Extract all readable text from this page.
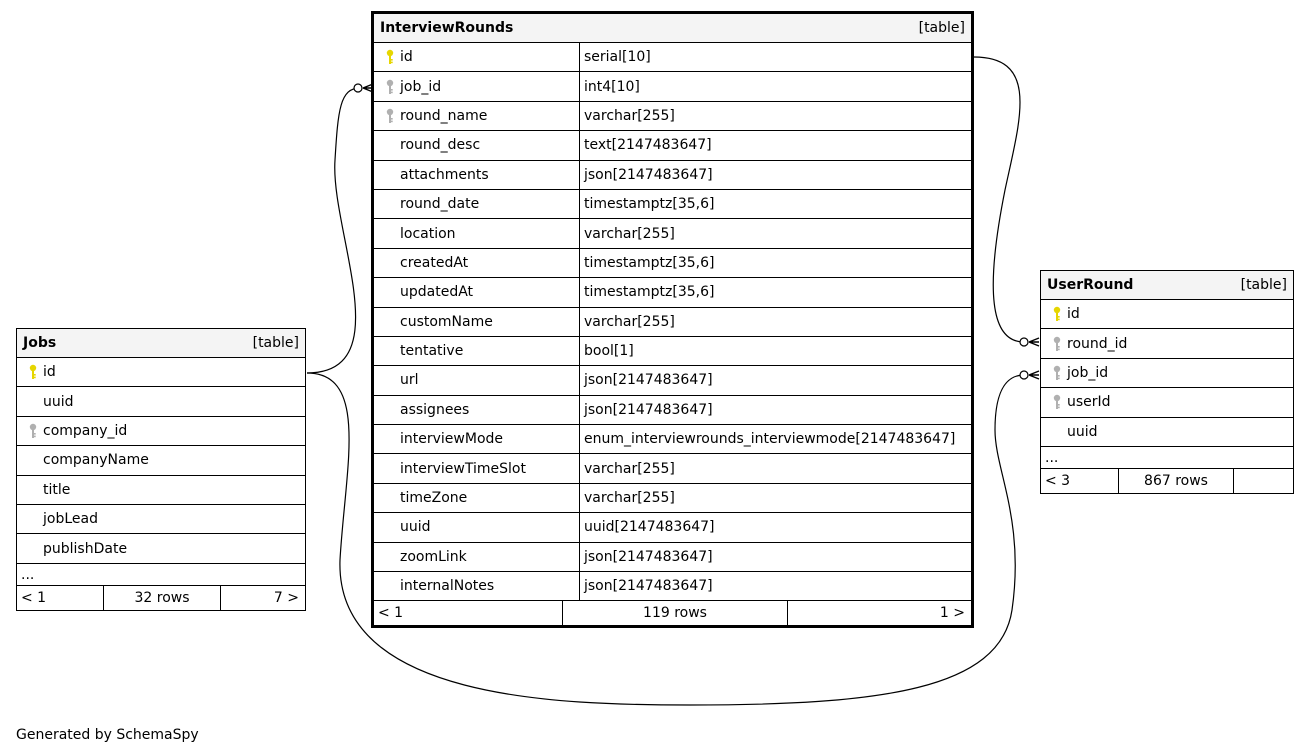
InterviewRounds	[table]
id	serial[10]
job_id	int4[10]
round_name	varchar[255]
round_desc	text[2147483647]
attachments	json[2147483647]
round_date	timestamptz[35,6]
location	varchar[255]
createdAt	timestamptz[35,6]
updatedAt	timestamptz[35,6]
customName	varchar[255]
tentative	bool[1]
url	json[2147483647]
assignees	json[2147483647]
interviewMode	enum_interviewrounds_interviewmode[2147483647]
interviewTimeSlot	varchar[255]
timeZone	varchar[255]
uuid	uuid[2147483647]
zoomLink	json[2147483647]
internalNotes	json[2147483647]
< 1	119 rows	1 >
Jobs	[table]
id
uuid
company_id
companyName
title
jobLead
publishDate
...
< 1	32 rows	7 >
UserRound	[table]
id
round_id
job_id
userId
uuid
...
< 3	867 rows
Generated by SchemaSpy
